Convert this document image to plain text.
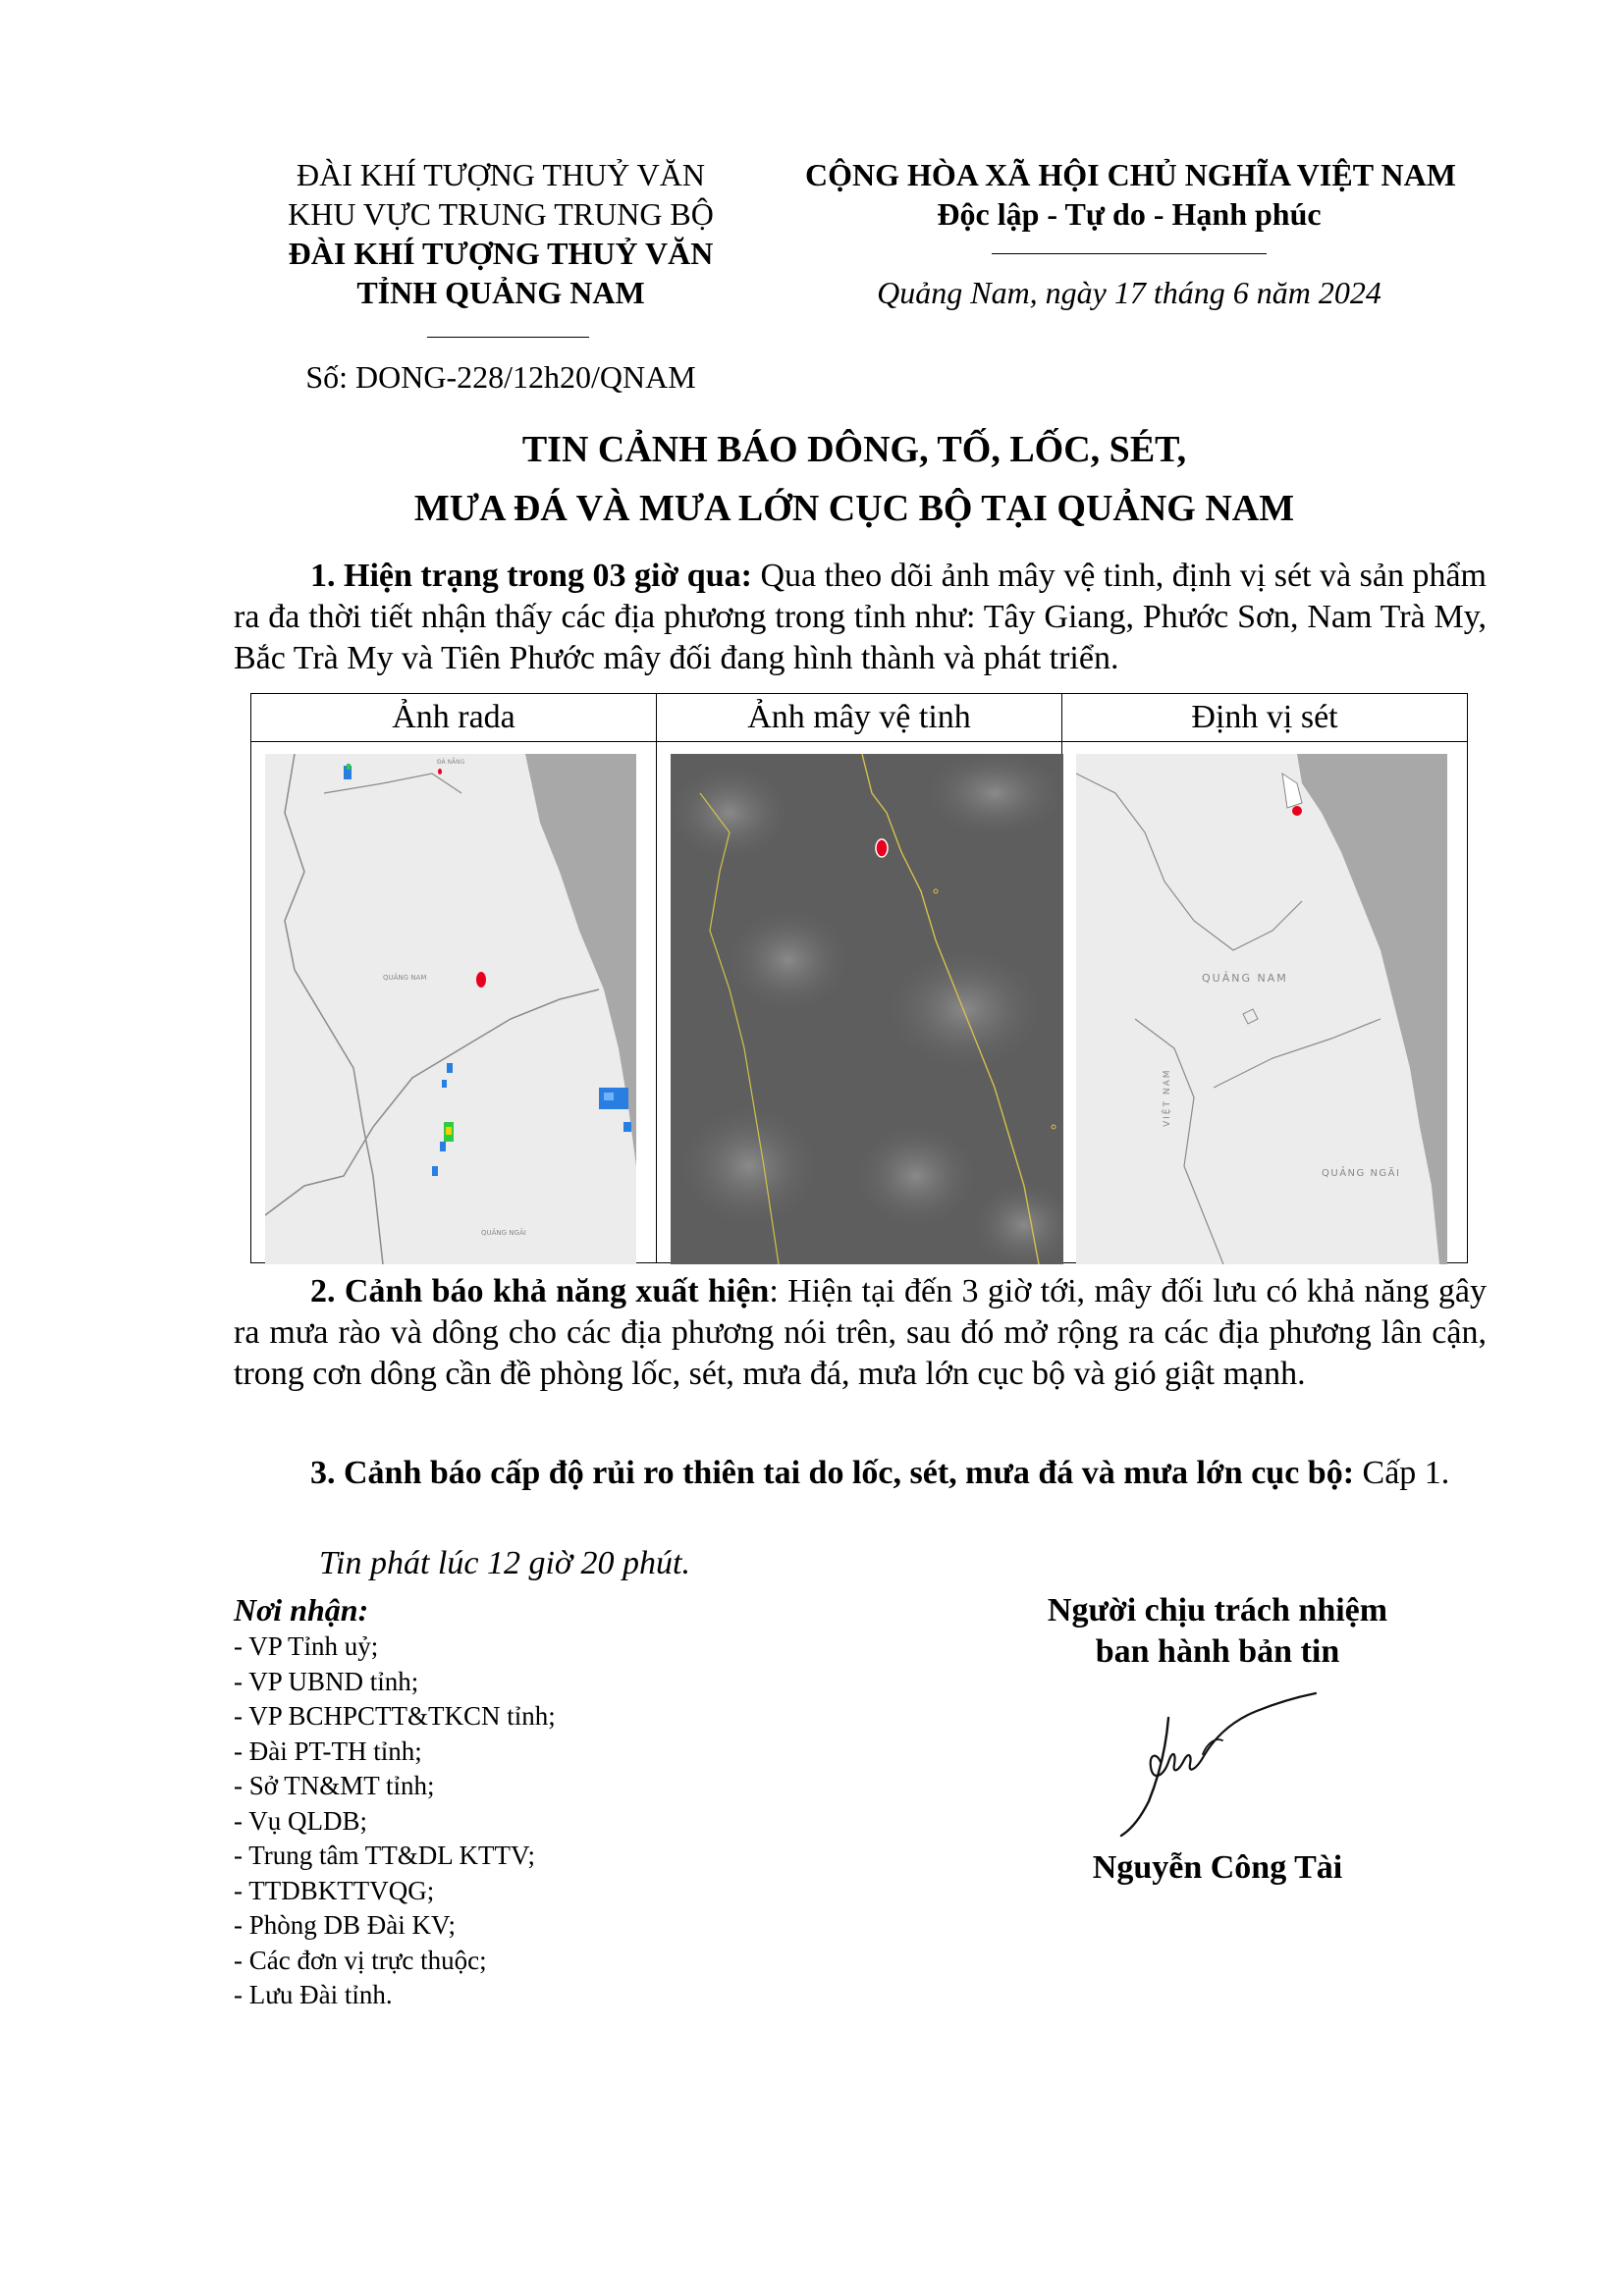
ĐÀI KHÍ TƯỢNG THUỶ VĂN
KHU VỰC TRUNG TRUNG BỘ
ĐÀI KHÍ TƯỢNG THUỶ VĂN
TỈNH QUẢNG NAM
Số: DONG-228/12h20/QNAM
CỘNG HÒA XÃ HỘI CHỦ NGHĨA VIỆT NAM
Độc lập - Tự do - Hạnh phúc
Quảng Nam, ngày 17 tháng 6 năm 2024
TIN CẢNH BÁO DÔNG, TỐ, LỐC, SÉT,
MƯA ĐÁ VÀ MƯA LỚN CỤC BỘ TẠI QUẢNG NAM
1. Hiện trạng trong 03 giờ qua: Qua theo dõi ảnh mây vệ tinh, định vị sét và sản phẩm ra đa thời tiết nhận thấy các địa phương trong tỉnh như: Tây Giang, Phước Sơn, Nam Trà My, Bắc Trà My và Tiên Phước mây đối đang hình thành và phát triển.
Ảnh rada	Ảnh mây vệ tinh	Định vị sét

QUẢNG NAM
QUẢNG NGÃI
ĐÀ NẴNG		QUẢNG NAM
QUẢNG NGÃI
VIỆT NAM
2. Cảnh báo khả năng xuất hiện: Hiện tại đến 3 giờ tới, mây đối lưu có khả năng gây ra mưa rào và dông cho các địa phương nói trên, sau đó mở rộng ra các địa phương lân cận, trong cơn dông cần đề phòng lốc, sét, mưa đá, mưa lớn cục bộ và gió giật mạnh.
3. Cảnh báo cấp độ rủi ro thiên tai do lốc, sét, mưa đá và mưa lớn cục bộ: Cấp 1.
Tin phát lúc 12 giờ 20 phút.
Nơi nhận:
- VP Tỉnh uỷ;
- VP UBND tỉnh;
- VP BCHPCTT&TKCN tỉnh;
- Đài PT-TH tỉnh;
- Sở TN&MT tỉnh;
- Vụ QLDB;
- Trung tâm TT&DL KTTV;
- TTDBKTTVQG;
- Phòng DB Đài KV;
- Các đơn vị trực thuộc;
- Lưu Đài tỉnh.
Người chịu trách nhiệm
ban hành bản tin
Nguyễn Công Tài
